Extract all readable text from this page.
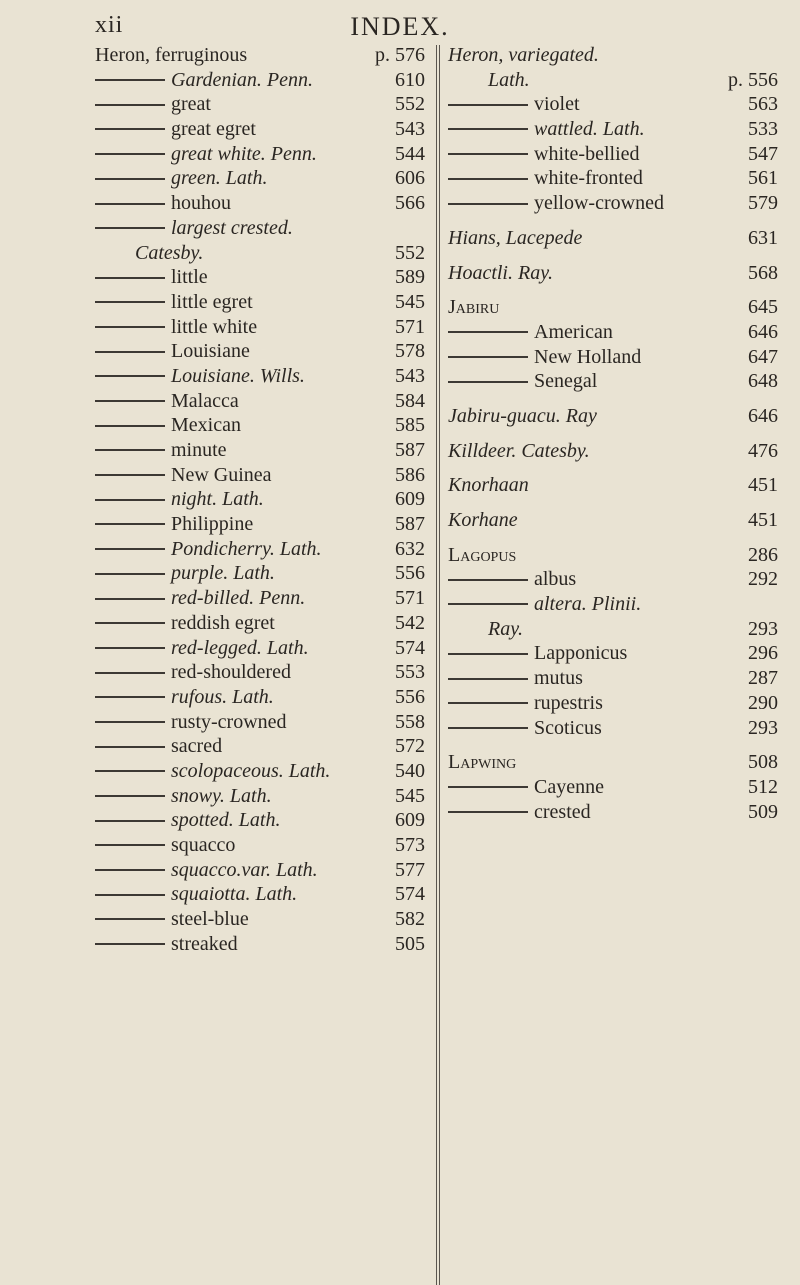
xii	INDEX.
Heron, ferruginous	p. 576
Gardenian. Penn.	610
great	552
great egret	543
great white. Penn.	544
green. Lath.	606
houhou	566
largest crested.
Catesby.	552
little	589
little egret	545
little white	571
Louisiane	578
Louisiane. Wills.	543
Malacca	584
Mexican	585
minute	587
New Guinea	586
night. Lath.	609
Philippine	587
Pondicherry. Lath.	632
purple. Lath.	556
red-billed. Penn.	571
reddish egret	542
red-legged. Lath.	574
red-shouldered	553
rufous. Lath.	556
rusty-crowned	558
sacred	572
scolopaceous. Lath.	540
snowy. Lath.	545
spotted. Lath.	609
squacco	573
squacco.var. Lath.	577
squaiotta. Lath.	574
steel-blue	582
streaked	505
Heron, variegated.
Lath.	p. 556
violet	563
wattled. Lath.	533
white-bellied	547
white-fronted	561
yellow-crowned	579
Hians, Lacepede	631
Hoactli. Ray.	568
Jabiru	645
American	646
New Holland	647
Senegal	648
Jabiru-guacu. Ray	646
Killdeer. Catesby.	476
Knorhaan	451
Korhane	451
Lagopus	286
albus	292
altera. Plinii.
Ray.	293
Lapponicus	296
mutus	287
rupestris	290
Scoticus	293
Lapwing	508
Cayenne	512
crested	509
